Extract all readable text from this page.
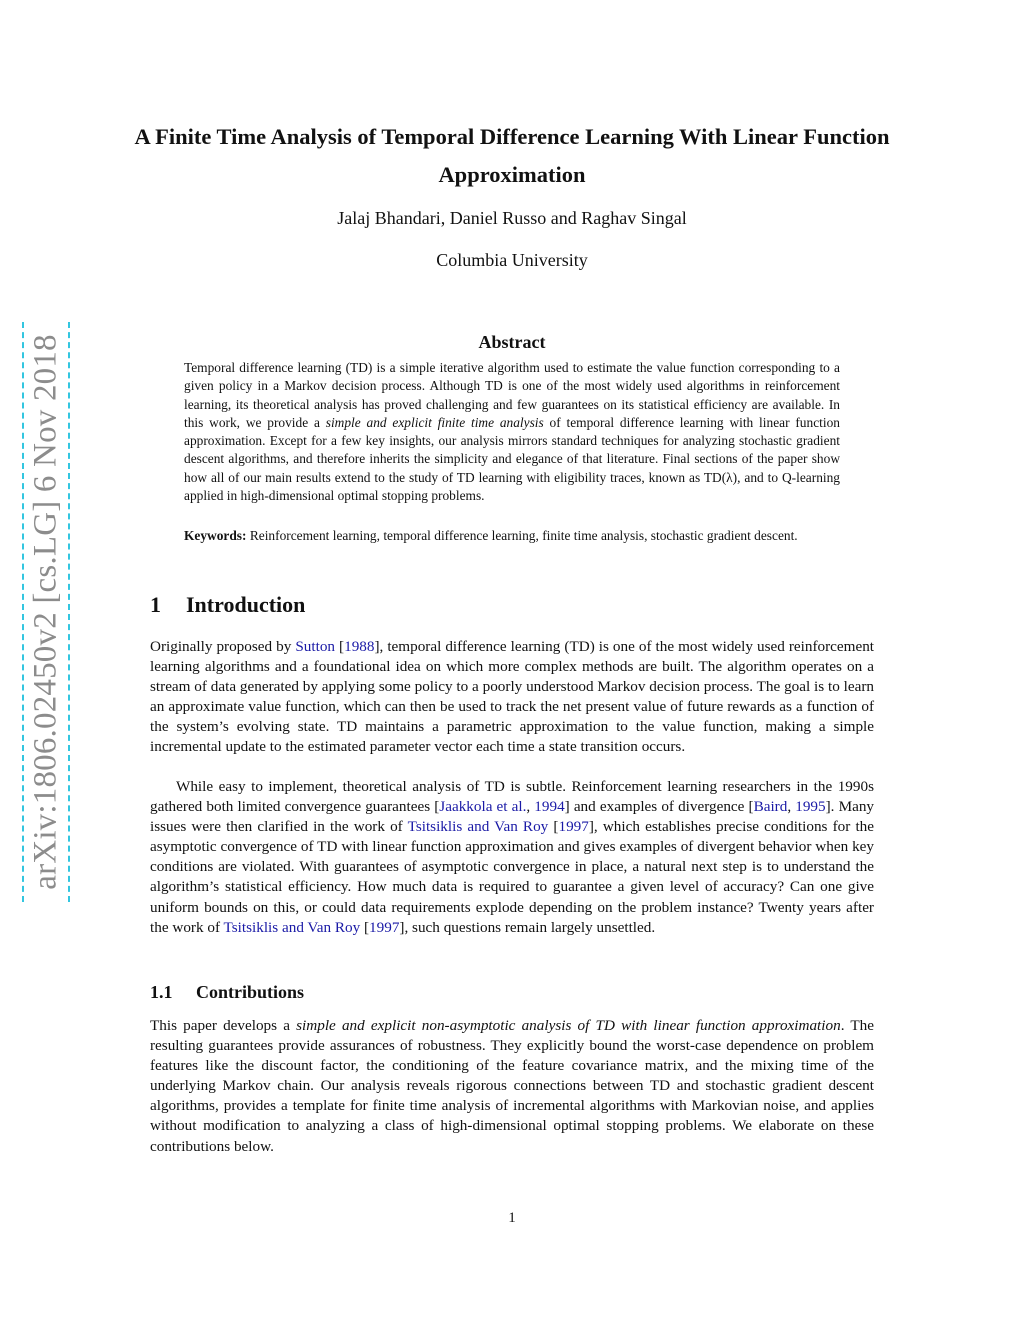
arXiv:1806.02450v2 [cs.LG] 6 Nov 2018
A Finite Time Analysis of Temporal Difference Learning With Linear Function Approximation
Jalaj Bhandari, Daniel Russo and Raghav Singal
Columbia University
Abstract

Temporal difference learning (TD) is a simple iterative algorithm used to estimate the value function corresponding to a given policy in a Markov decision process. Although TD is one of the most widely used algorithms in reinforcement learning, its theoretical analysis has proved challenging and few guarantees on its statistical efficiency are available. In this work, we provide a simple and explicit finite time analysis of temporal difference learning with linear function approximation. Except for a few key insights, our analysis mirrors standard techniques for analyzing stochastic gradient descent algorithms, and therefore inherits the simplicity and elegance of that literature. Final sections of the paper show how all of our main results extend to the study of TD learning with eligibility traces, known as TD(λ), and to Q-learning applied in high-dimensional optimal stopping problems.

Keywords: Reinforcement learning, temporal difference learning, finite time analysis, stochastic gradient descent.

1 Introduction

Originally proposed by Sutton [1988], temporal difference learning (TD) is one of the most widely used reinforcement learning algorithms and a foundational idea on which more complex methods are built. The algorithm operates on a stream of data generated by applying some policy to a poorly understood Markov decision process. The goal is to learn an approximate value function, which can then be used to track the net present value of future rewards as a function of the system’s evolving state. TD maintains a parametric approximation to the value function, making a simple incremental update to the estimated parameter vector each time a state transition occurs.

While easy to implement, theoretical analysis of TD is subtle. Reinforcement learning researchers in the 1990s gathered both limited convergence guarantees [Jaakkola et al., 1994] and examples of divergence [Baird, 1995]. Many issues were then clarified in the work of Tsitsiklis and Van Roy [1997], which establishes precise conditions for the asymptotic convergence of TD with linear function approximation and gives examples of divergent behavior when key conditions are violated. With guarantees of asymptotic convergence in place, a natural next step is to understand the algorithm’s statistical efficiency. How much data is required to guarantee a given level of accuracy? Can one give uniform bounds on this, or could data requirements explode depending on the problem instance? Twenty years after the work of Tsitsiklis and Van Roy [1997], such questions remain largely unsettled.

1.1 Contributions

This paper develops a simple and explicit non-asymptotic analysis of TD with linear function approximation. The resulting guarantees provide assurances of robustness. They explicitly bound the worst-case dependence on problem features like the discount factor, the conditioning of the feature covariance matrix, and the mixing time of the underlying Markov chain. Our analysis reveals rigorous connections between TD and stochastic gradient descent algorithms, provides a template for finite time analysis of incremental algorithms with Markovian noise, and applies without modification to analyzing a class of high-dimensional optimal stopping problems. We elaborate on these contributions below.

1
